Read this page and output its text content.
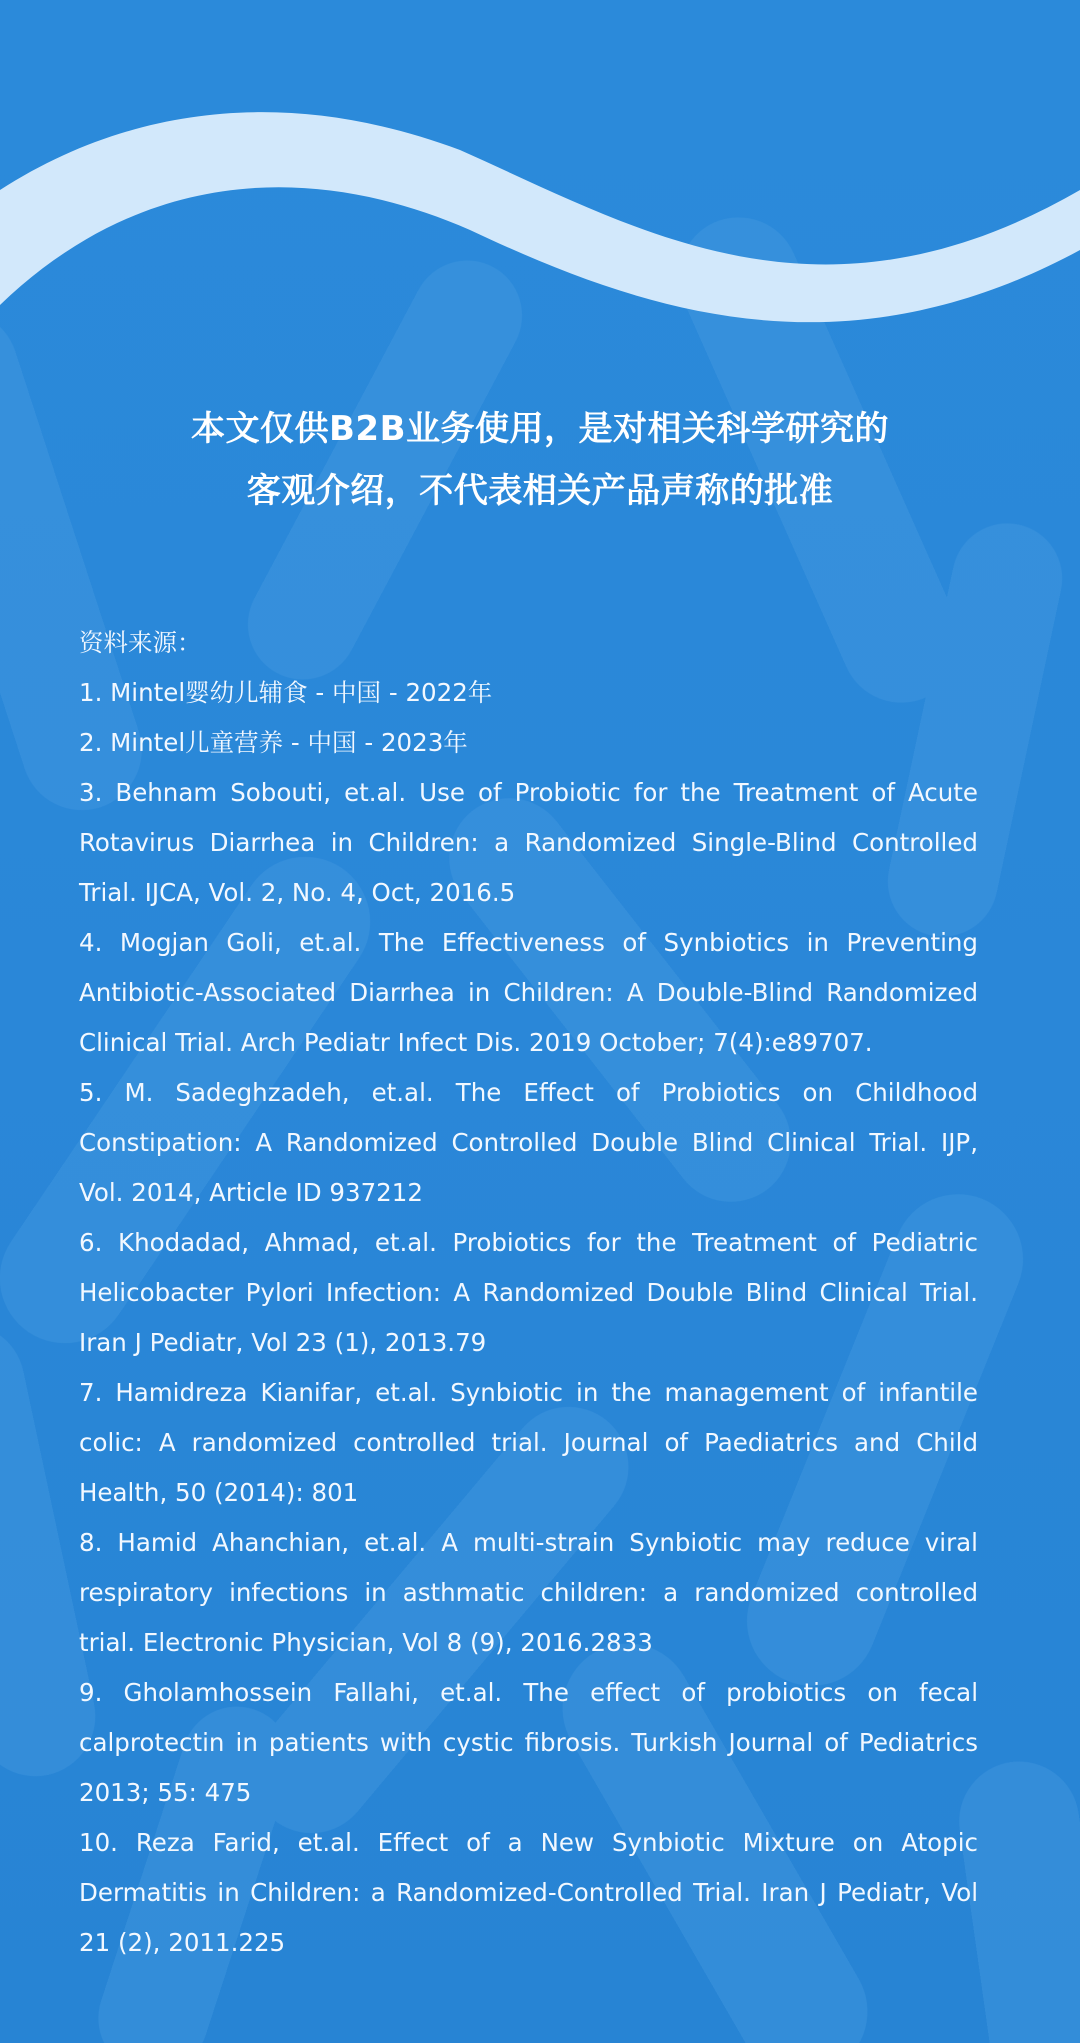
本文仅供B2B业务使用，是对相关科学研究的
客观介绍，不代表相关产品声称的批准

资料来源：

1. Mintel婴幼儿辅食 - 中国 - 2022年

2. Mintel儿童营养 - 中国 - 2023年

3. Behnam Sobouti, et.al. Use of Probiotic for the Treatment of Acute Rotavirus Diarrhea in Children: a Randomized Single-Blind Controlled Trial. IJCA, Vol. 2, No. 4, Oct, 2016.5

4. Mogjan Goli, et.al. The Effectiveness of Synbiotics in Preventing Antibiotic-Associated Diarrhea in Children: A Double-Blind Randomized Clinical Trial. Arch Pediatr Infect Dis. 2019 October; 7(4):e89707.

5. M. Sadeghzadeh, et.al. The Effect of Probiotics on Childhood Constipation: A Randomized Controlled Double Blind Clinical Trial. IJP, Vol. 2014, Article ID 937212

6. Khodadad, Ahmad, et.al. Probiotics for the Treatment of Pediatric Helicobacter Pylori Infection: A Randomized Double Blind Clinical Trial. Iran J Pediatr, Vol 23 (1), 2013.79

7. Hamidreza Kianifar, et.al. Synbiotic in the management of infantile colic: A randomized controlled trial. Journal of Paediatrics and Child Health, 50 (2014): 801

8. Hamid Ahanchian, et.al. A multi-strain Synbiotic may reduce viral respiratory infections in asthmatic children: a randomized controlled trial. Electronic Physician, Vol 8 (9), 2016.2833

9. Gholamhossein Fallahi, et.al. The effect of probiotics on fecal calprotectin in patients with cystic fibrosis. Turkish Journal of Pediatrics 2013; 55: 475

10. Reza Farid, et.al. Effect of a New Synbiotic Mixture on Atopic Dermatitis in Children: a Randomized-Controlled Trial. Iran J Pediatr, Vol 21 (2), 2011.225
